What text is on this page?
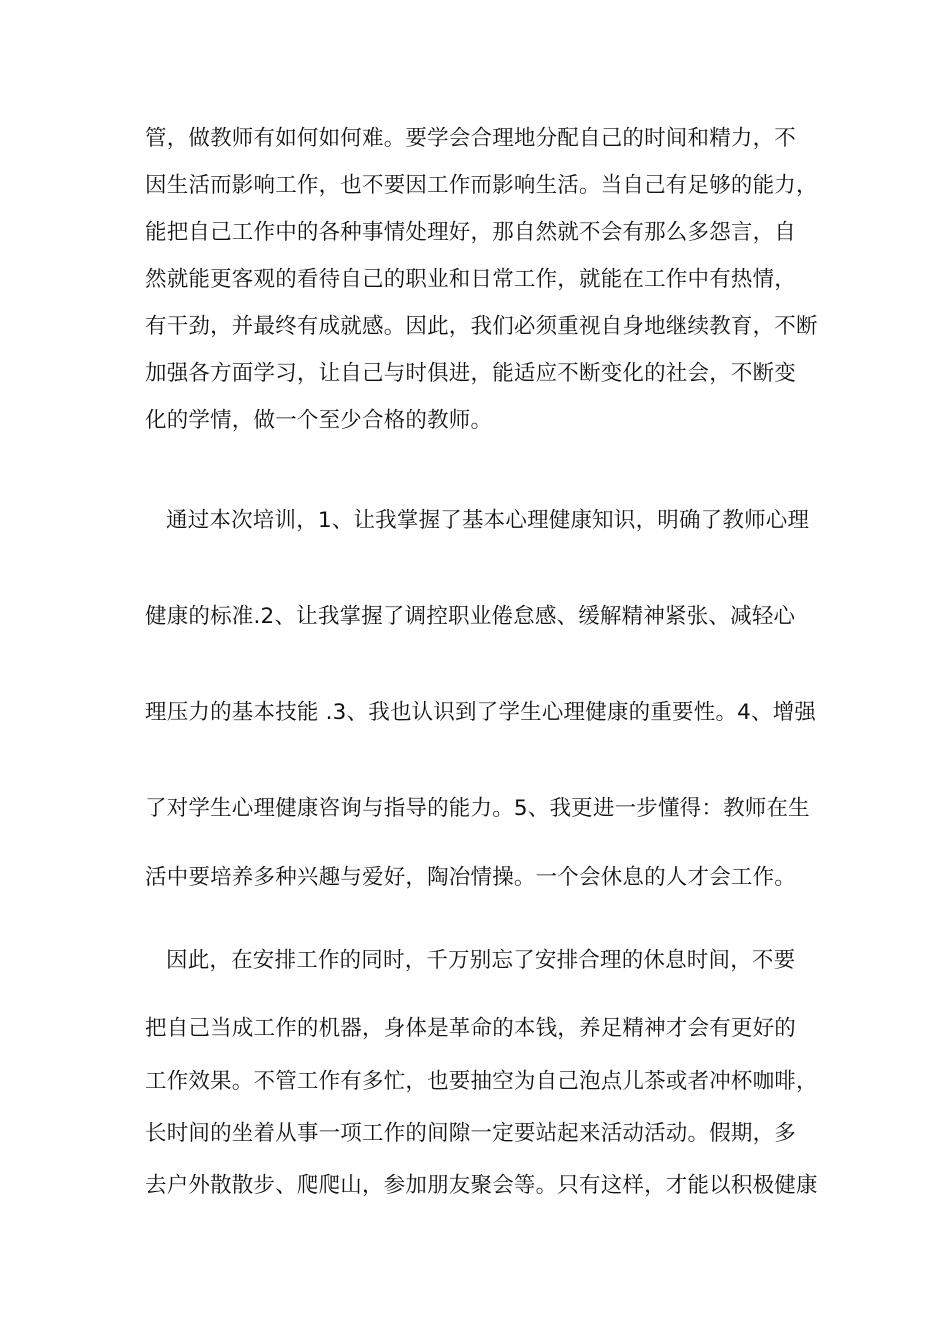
管，做教师有如何如何难。要学会合理地分配自己的时间和精力，不
因生活而影响工作，也不要因工作而影响生活。当自己有足够的能力，
能把自己工作中的各种事情处理好，那自然就不会有那么多怨言，自
然就能更客观的看待自己的职业和日常工作，就能在工作中有热情，
有干劲，并最终有成就感。因此，我们必须重视自身地继续教育，不断
加强各方面学习，让自己与时俱进，能适应不断变化的社会，不断变
化的学情，做一个至少合格的教师。
通过本次培训，1、让我掌握了基本心理健康知识，明确了教师心理
健康的标准.2、让我掌握了调控职业倦怠感、缓解精神紧张、减轻心
理压力的基本技能 .3、我也认识到了学生心理健康的重要性。4、增强
了对学生心理健康咨询与指导的能力。5、我更进一步懂得：教师在生
活中要培养多种兴趣与爱好，陶冶情操。一个会休息的人才会工作。
因此，在安排工作的同时，千万别忘了安排合理的休息时间，不要
把自己当成工作的机器，身体是革命的本钱，养足精神才会有更好的
工作效果。不管工作有多忙，也要抽空为自己泡点儿茶或者冲杯咖啡，
长时间的坐着从事一项工作的间隙一定要站起来活动活动。假期，多
去户外散散步、爬爬山，参加朋友聚会等。只有这样，才能以积极健康
